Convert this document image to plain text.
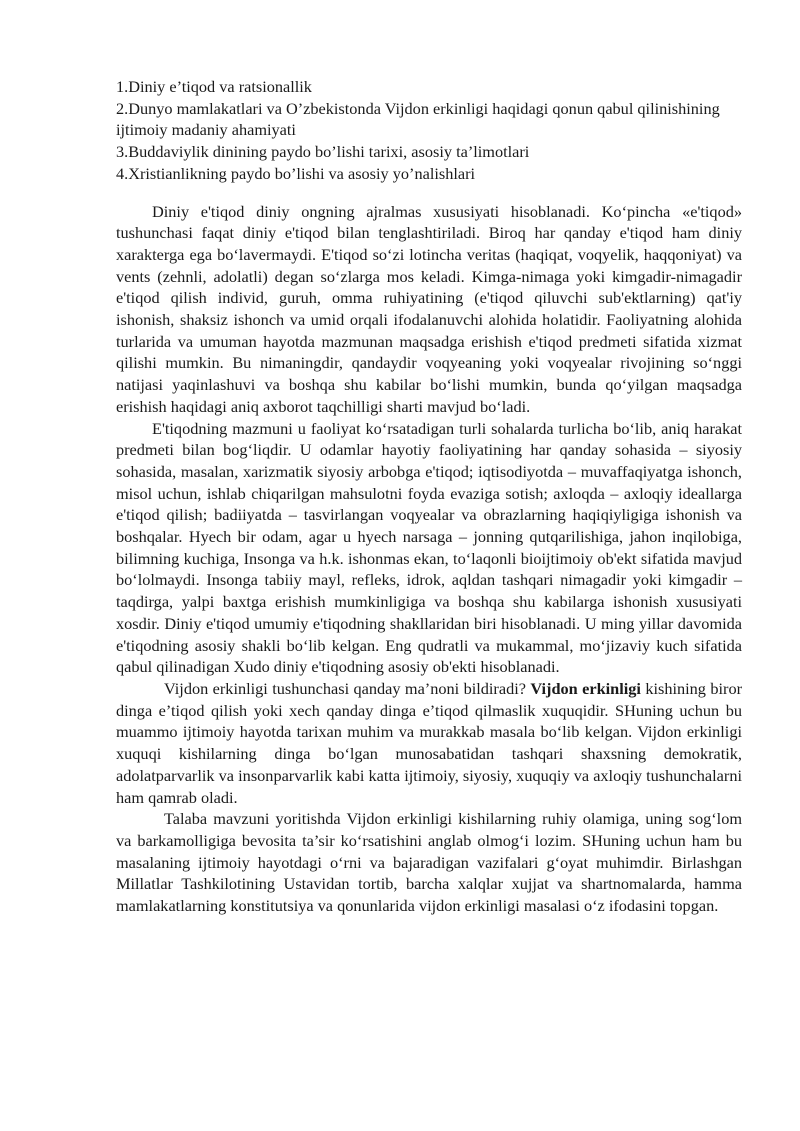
1.Diniy e’tiqod va ratsionallik
2.Dunyo mamlakatlari va O’zbekistonda Vijdon erkinligi haqidagi qonun qabul qilinishining ijtimoiy madaniy ahamiyati
3.Buddaviylik dinining paydo bo’lishi tarixi, asosiy ta’limotlari
4.Xristianlikning paydo bo’lishi va asosiy yo’nalishlari

Diniy e'tiqod diniy ongning ajralmas xususiyati hisoblanadi. Ko‘pincha «e'tiqod» tushunchasi faqat diniy e'tiqod bilan tenglashtiriladi. Biroq har qanday e'tiqod ham diniy xarakterga ega bo‘lavermaydi. E'tiqod so‘zi lotincha veritas (haqiqat, voqyelik, haqqoniyat) va vents (zehnli, adolatli) degan so‘zlarga mos keladi. Kimga-nimaga yoki kimgadir-nimagadir e'tiqod qilish individ, guruh, omma ruhiyatining (e'tiqod qiluvchi sub'ektlarning) qat'iy ishonish, shaksiz ishonch va umid orqali ifodalanuvchi alohida holatidir. Faoliyatning alohida turlarida va umuman hayotda mazmunan maqsadga erishish e'tiqod predmeti sifatida xizmat qilishi mumkin. Bu nimaningdir, qandaydir voqyeaning yoki voqyealar rivojining so‘nggi natijasi yaqinlashuvi va boshqa shu kabilar bo‘lishi mumkin, bunda qo‘yilgan maqsadga erishish haqidagi aniq axborot taqchilligi sharti mavjud bo‘ladi.

E'tiqodning mazmuni u faoliyat ko‘rsatadigan turli sohalarda turlicha bo‘lib, aniq harakat predmeti bilan bog‘liqdir. U odamlar hayotiy faoliyatining har qanday sohasida – siyosiy sohasida, masalan, xarizmatik siyosiy arbobga e'tiqod; iqtisodiyotda – muvaffaqiyatga ishonch, misol uchun, ishlab chiqarilgan mahsulotni foyda evaziga sotish; axloqda – axloqiy ideallarga e'tiqod qilish; badiiyatda – tasvirlangan voqyealar va obrazlarning haqiqiyligiga ishonish va boshqalar. Hyech bir odam, agar u hyech narsaga – jonning qutqarilishiga, jahon inqilobiga, bilimning kuchiga, Insonga va h.k. ishonmas ekan, to‘laqonli bioijtimoiy ob'ekt sifatida mavjud bo‘lolmaydi. Insonga tabiiy mayl, refleks, idrok, aqldan tashqari nimagadir yoki kimgadir – taqdirga, yalpi baxtga erishish mumkinligiga va boshqa shu kabilarga ishonish xususiyati xosdir. Diniy e'tiqod umumiy e'tiqodning shakllaridan biri hisoblanadi. U ming yillar davomida e'tiqodning asosiy shakli bo‘lib kelgan. Eng qudratli va mukammal, mo‘jizaviy kuch sifatida qabul qilinadigan Xudo diniy e'tiqodning asosiy ob'ekti hisoblanadi.

Vijdon erkinligi tushunchasi qanday ma’noni bildiradi? Vijdon erkinligi kishining biror dinga e’tiqod qilish yoki xech qanday dinga e’tiqod qilmaslik xuquqidir. SHuning uchun bu muammo ijtimoiy hayotda tarixan muhim va murakkab masala bo‘lib kelgan. Vijdon erkinligi xuquqi kishilarning dinga bo‘lgan munosabatidan tashqari shaxsning demokratik, adolatparvarlik va insonparvarlik kabi katta ijtimoiy, siyosiy, xuquqiy va axloqiy tushunchalarni ham qamrab oladi.

Talaba mavzuni yoritishda Vijdon erkinligi kishilarning ruhiy olamiga, uning sog‘lom va barkamolligiga bevosita ta’sir ko‘rsatishini anglab olmog‘i lozim. SHuning uchun ham bu masalaning ijtimoiy hayotdagi o‘rni va bajaradigan vazifalari g‘oyat muhimdir. Birlashgan Millatlar Tashkilotining Ustavidan tortib, barcha xalqlar xujjat va shartnomalarda, hamma mamlakatlarning konstitutsiya va qonunlarida vijdon erkinligi masalasi o‘z ifodasini topgan.
